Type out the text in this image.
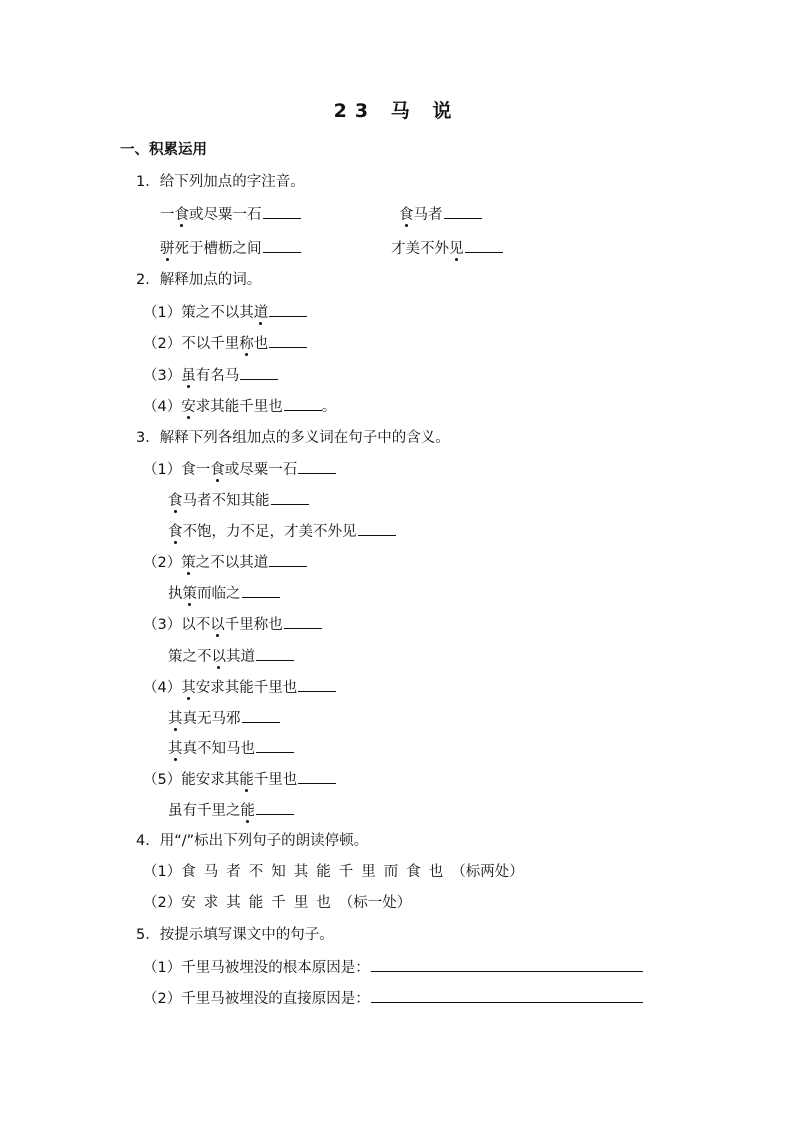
23 马 说
一、积累运用
1．给下列加点的字注音。
一食或尽粟一石	食马者
骈死于槽枥之间	才美不外见
2．解释加点的词。
（1）策之不以其道
（2）不以千里称也
（3）虽有名马
（4）安求其能千里也	。
3．解释下列各组加点的多义词在句子中的含义。
（1）食一食或尽粟一石
食马者不知其能
食不饱，力不足，才美不外见
（2）策之不以其道
执策而临之
（3）以不以千里称也
策之不以其道
（4）其安求其能千里也
其真无马邪
其真不知马也
（5）能安求其能千里也
虽有千里之能
4．用“/”标出下列句子的朗读停顿。
（1）食马者不知其能千里而食也（标两处）
（2）安求其能千里也（标一处）
5．按提示填写课文中的句子。
（1）千里马被埋没的根本原因是：
（2）千里马被埋没的直接原因是：
